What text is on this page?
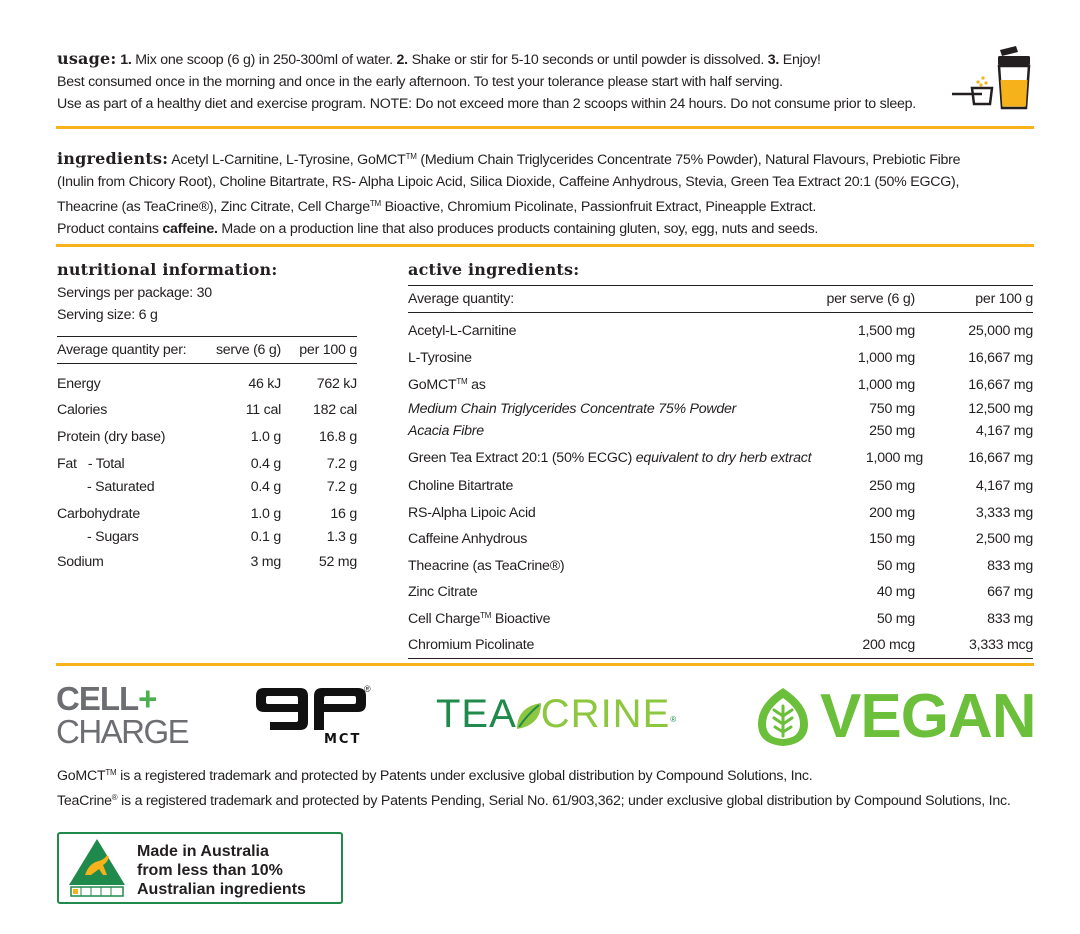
usage: 1. Mix one scoop (6 g) in 250-300ml of water. 2. Shake or stir for 5-10 seconds or until powder is dissolved. 3. Enjoy!
Best consumed once in the morning and once in the early afternoon. To test your tolerance please start with half serving.
Use as part of a healthy diet and exercise program. NOTE: Do not exceed more than 2 scoops within 24 hours. Do not consume prior to sleep.
ingredients: Acetyl L-Carnitine, L-Tyrosine, GoMCT™ (Medium Chain Triglycerides Concentrate 75% Powder), Natural Flavours, Prebiotic Fibre
(Inulin from Chicory Root), Choline Bitartrate, RS- Alpha Lipoic Acid, Silica Dioxide, Caffeine Anhydrous, Stevia, Green Tea Extract 20:1 (50% EGCG),
Theacrine (as TeaCrine®), Zinc Citrate, Cell Charge™ Bioactive, Chromium Picolinate, Passionfruit Extract, Pineapple Extract.
Product contains caffeine. Made on a production line that also produces products containing gluten, soy, egg, nuts and seeds.
nutritional information:
Servings per package: 30
Serving size: 6 g
Average quantity per:	serve (6 g)	per 100 g
Energy	46 kJ	762 kJ
Calories	11 cal	182 cal
Protein (dry base)	1.0 g	16.8 g
Fat   - Total	0.4 g	7.2 g
- Saturated	0.4 g	7.2 g
Carbohydrate	1.0 g	16 g
- Sugars	0.1 g	1.3 g
Sodium	3 mg	52 mg
active ingredients:
Average quantity:	per serve (6 g)	per 100 g
Acetyl-L-Carnitine	1,500 mg	25,000 mg
L-Tyrosine	1,000 mg	16,667 mg
GoMCT™ as	1,000 mg	16,667 mg
Medium Chain Triglycerides Concentrate 75% Powder	750 mg	12,500 mg
Acacia Fibre	250 mg	4,167 mg
Green Tea Extract 20:1 (50% ECGC) equivalent to dry herb extract	1,000 mg	16,667 mg
Choline Bitartrate	250 mg	4,167 mg
RS-Alpha Lipoic Acid	200 mg	3,333 mg
Caffeine Anhydrous	150 mg	2,500 mg
Theacrine (as TeaCrine®)	50 mg	833 mg
Zinc Citrate	40 mg	667 mg
Cell Charge™ Bioactive	50 mg	833 mg
Chromium Picolinate	200 mcg	3,333 mcg
CELL+
CHARGE
®
MCT
TEA CRINE® VEGAN
GoMCT™ is a registered trademark and protected by Patents under exclusive global distribution by Compound Solutions, Inc.
TeaCrine® is a registered trademark and protected by Patents Pending, Serial No. 61/903,362; under exclusive global distribution by Compound Solutions, Inc.
Made in Australia
from less than 10%
Australian ingredients
